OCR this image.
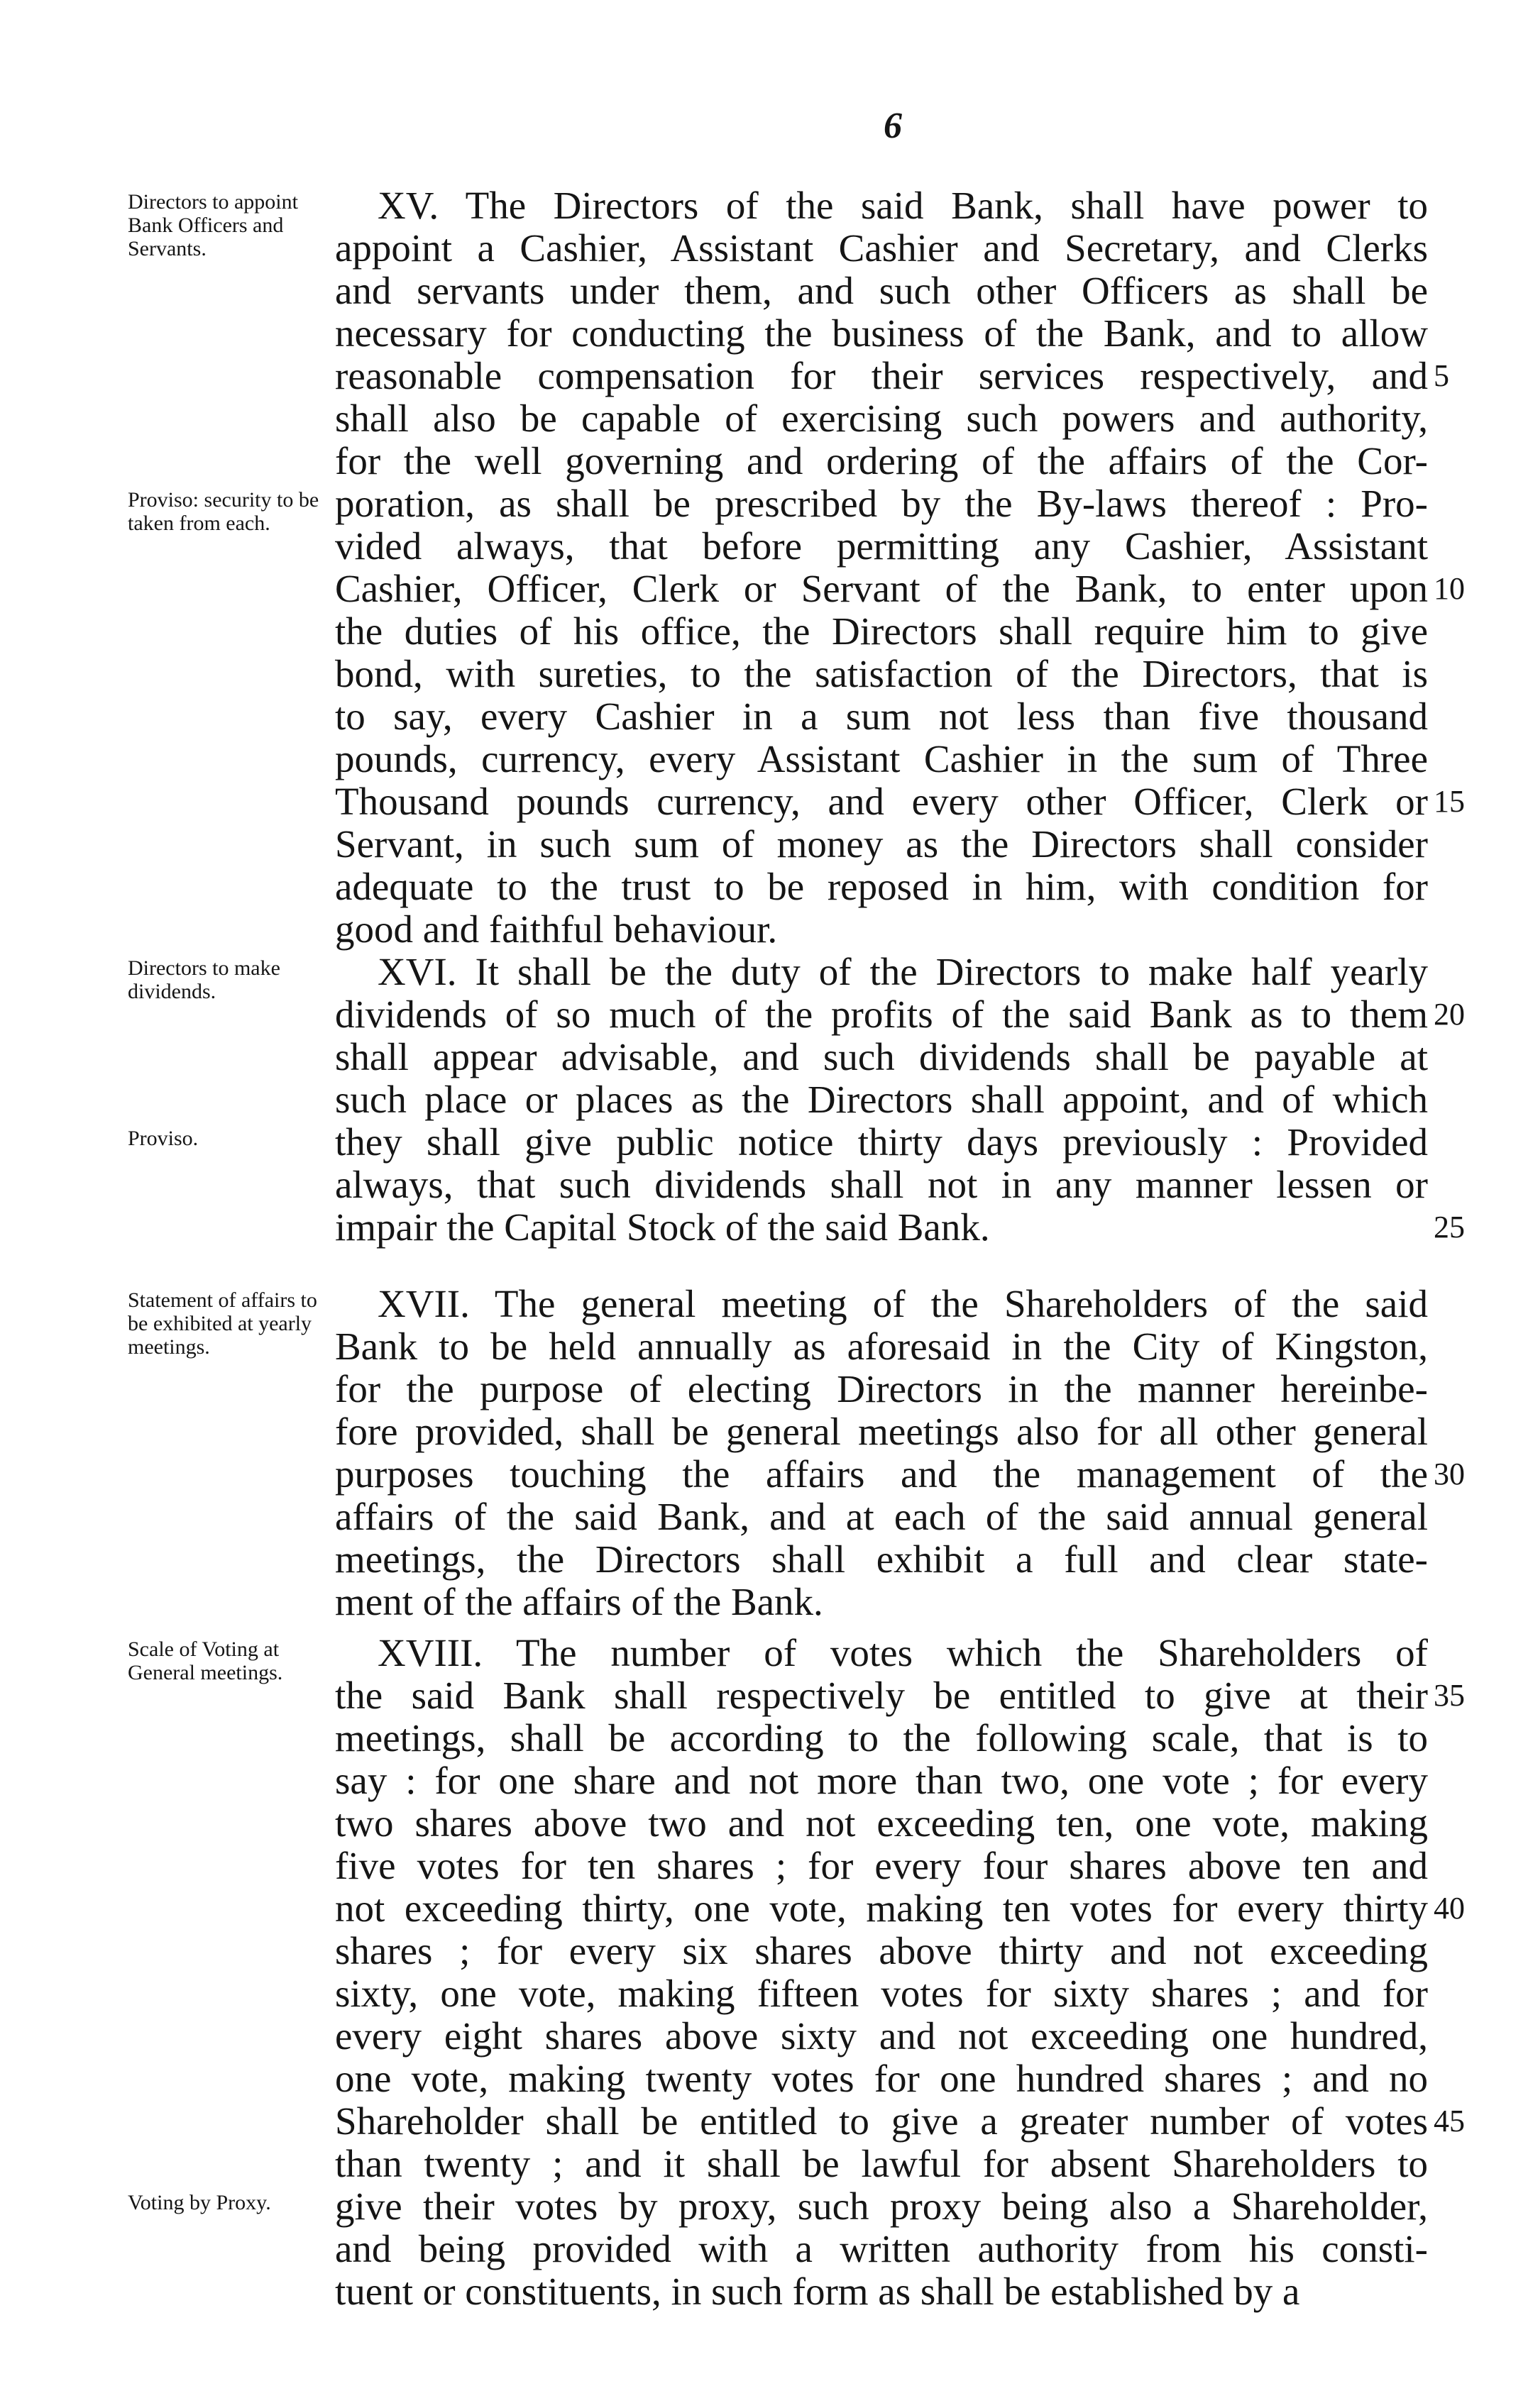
6
XV. The Directors of the said Bank, shall have power to
appoint a Cashier, Assistant Cashier and Secretary, and Clerks
and servants under them, and such other Officers as shall be
necessary for conducting the business of the Bank, and to allow
reasonable compensation for their services respectively, and
shall also be capable of exercising such powers and authority,
for the well governing and ordering of the affairs of the Cor-
poration, as shall be prescribed by the By-laws thereof : Pro-
vided always, that before permitting any Cashier, Assistant
Cashier, Officer, Clerk or Servant of the Bank, to enter upon
the duties of his office, the Directors shall require him to give
bond, with sureties, to the satisfaction of the Directors, that is
to say, every Cashier in a sum not less than five thousand
pounds, currency, every Assistant Cashier in the sum of Three
Thousand pounds currency, and every other Officer, Clerk or
Servant, in such sum of money as the Directors shall consider
adequate to the trust to be reposed in him, with condition for
good and faithful behaviour.
Directors to appoint Bank Officers and Servants.
Proviso: security to be taken from each.
5
10
15
XVI. It shall be the duty of the Directors to make half yearly
dividends of so much of the profits of the said Bank as to them
shall appear advisable, and such dividends shall be payable at
such place or places as the Directors shall appoint, and of which
they shall give public notice thirty days previously : Provided
always, that such dividends shall not in any manner lessen or
impair the Capital Stock of the said Bank.
Directors to make dividends.
Proviso.
20
25
XVII. The general meeting of the Shareholders of the said
Bank to be held annually as aforesaid in the City of Kingston,
for the purpose of electing Directors in the manner hereinbe-
fore provided, shall be general meetings also for all other general
purposes touching the affairs and the management of the
affairs of the said Bank, and at each of the said annual general
meetings, the Directors shall exhibit a full and clear state-
ment of the affairs of the Bank.
Statement of affairs to be exhibited at yearly meetings.
30
XVIII. The number of votes which the Shareholders of
the said Bank shall respectively be entitled to give at their
meetings, shall be according to the following scale, that is to
say : for one share and not more than two, one vote ; for every
two shares above two and not exceeding ten, one vote, making
five votes for ten shares ; for every four shares above ten and
not exceeding thirty, one vote, making ten votes for every thirty
shares ; for every six shares above thirty and not exceeding
sixty, one vote, making fifteen votes for sixty shares ; and for
every eight shares above sixty and not exceeding one hundred,
one vote, making twenty votes for one hundred shares ; and no
Shareholder shall be entitled to give a greater number of votes
than twenty ; and it shall be lawful for absent Shareholders to
give their votes by proxy, such proxy being also a Shareholder,
and being provided with a written authority from his consti-
tuent or constituents, in such form as shall be established by a
Scale of Voting at General meetings.
Voting by Proxy.
35
40
45
